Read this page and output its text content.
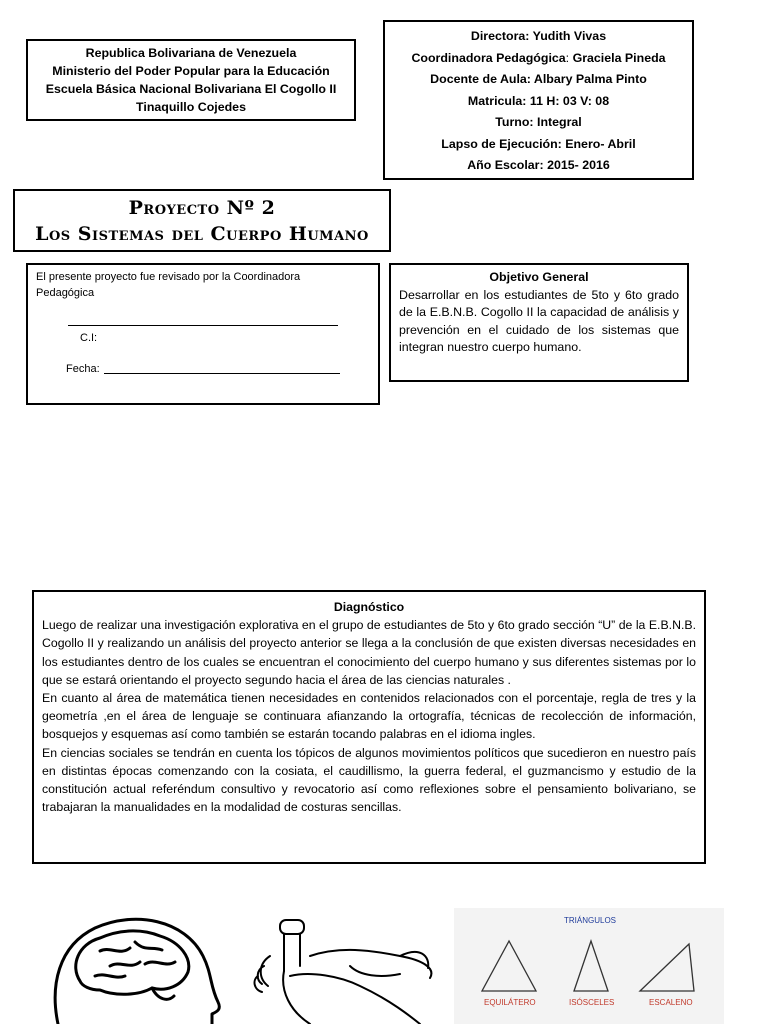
Republica Bolivariana de Venezuela
Ministerio del Poder Popular para la Educación
Escuela Básica Nacional Bolivariana El Cogollo II
Tinaquillo Cojedes
Directora: Yudith Vivas
Coordinadora Pedagógica: Graciela Pineda
Docente de Aula: Albary Palma Pinto
Matricula: 11 H: 03 V: 08
Turno: Integral
Lapso de Ejecución: Enero- Abril
Año Escolar: 2015- 2016
Proyecto Nº 2
Los Sistemas del Cuerpo Humano
El presente proyecto fue revisado por la Coordinadora Pedagógica
C.I:
Fecha:
Objetivo General
Desarrollar en los estudiantes de 5to y 6to grado de la E.B.N.B. Cogollo II la capacidad de análisis y prevención en el cuidado de los sistemas que integran nuestro cuerpo humano.

Diagnóstico

Luego de realizar una investigación explorativa en el grupo de estudiantes de 5to y 6to grado sección “U” de la E.B.N.B. Cogollo II y realizando un análisis del proyecto anterior se llega a la conclusión de que existen diversas necesidades en los estudiantes dentro de los cuales se encuentran el conocimiento del cuerpo humano y sus diferentes sistemas por lo que se estará orientando el proyecto segundo hacia el área de las ciencias naturales .

En cuanto al área de matemática tienen necesidades en contenidos relacionados con el porcentaje, regla de tres y la geometría ,en el área de lenguaje se continuara afianzando la ortografía, técnicas de recolección de información, bosquejos y esquemas así como también se estarán tocando palabras en el idioma ingles.

En ciencias sociales se tendrán en cuenta los tópicos de algunos movimientos políticos que sucedieron en nuestro país en distintas épocas comenzando con la cosiata, el caudillismo, la guerra federal, el guzmancismo y estudio de la constitución actual referéndum consultivo y revocatorio así como reflexiones sobre el pensamiento bolivariano, se trabajaran la manualidades en la modalidad de costuras sencillas.

TRIÁNGULOS
EQUILÁTERO	ISÓSCELES	ESCALENO
